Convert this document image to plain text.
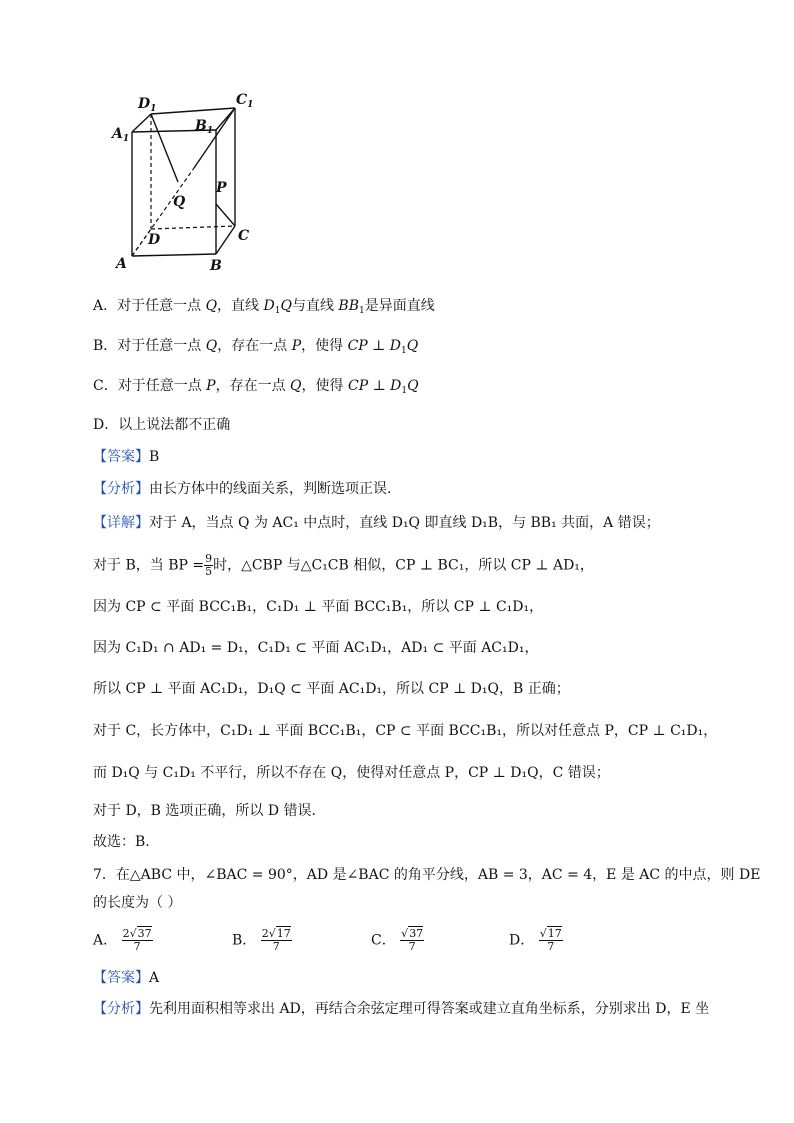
$D_1$
$C_1$
$A_1$
$B_1$
P
Q
D	C
A	B
A．对于任意一点 Q，直线 $D_1Q$与直线 $BB_1$是异面直线
B．对于任意一点 Q，存在一点 P，使得 CP ⊥ $D_1Q$
C．对于任意一点 P，存在一点 Q，使得 CP ⊥ $D_1Q$
D．以上说法都不正确
【答案】B
【分析】由长方体中的线面关系，判断选项正误.
【详解】对于 A，当点 Q 为 AC₁ 中点时，直线 D₁Q 即直线 D₁B，与 BB₁ 共面，A 错误；
对于 B，当 BP = $\frac{9}{5}$ 时，△CBP 与△C₁CB 相似，CP ⊥ BC₁，所以 CP ⊥ AD₁，
因为 CP ⊂ 平面 BCC₁B₁，C₁D₁ ⊥ 平面 BCC₁B₁，所以 CP ⊥ C₁D₁，
因为 C₁D₁ ∩ AD₁ = D₁，C₁D₁ ⊂ 平面 AC₁D₁，AD₁ ⊂ 平面 AC₁D₁，
所以 CP ⊥ 平面 AC₁D₁，D₁Q ⊂ 平面 AC₁D₁，所以 CP ⊥ D₁Q，B 正确；
对于 C，长方体中，C₁D₁ ⊥ 平面 BCC₁B₁，CP ⊂ 平面 BCC₁B₁，所以对任意点 P，CP ⊥ C₁D₁，
而 D₁Q 与 C₁D₁ 不平行，所以不存在 Q，使得对任意点 P，CP ⊥ D₁Q，C 错误；
对于 D，B 选项正确，所以 D 错误.
故选：B.
7．在△ABC 中，∠BAC = 90°，AD 是∠BAC 的角平分线，AB = 3，AC = 4，E 是 AC 的中点，则 DE
的长度为（ ）
A． $\frac{2√37}{7}$	B． $\frac{2√17}{7}$	C． $\frac{√37}{7}$	D． $\frac{√17}{7}$
【答案】A
【分析】先利用面积相等求出 AD，再结合余弦定理可得答案或建立直角坐标系，分别求出 D，E 坐
